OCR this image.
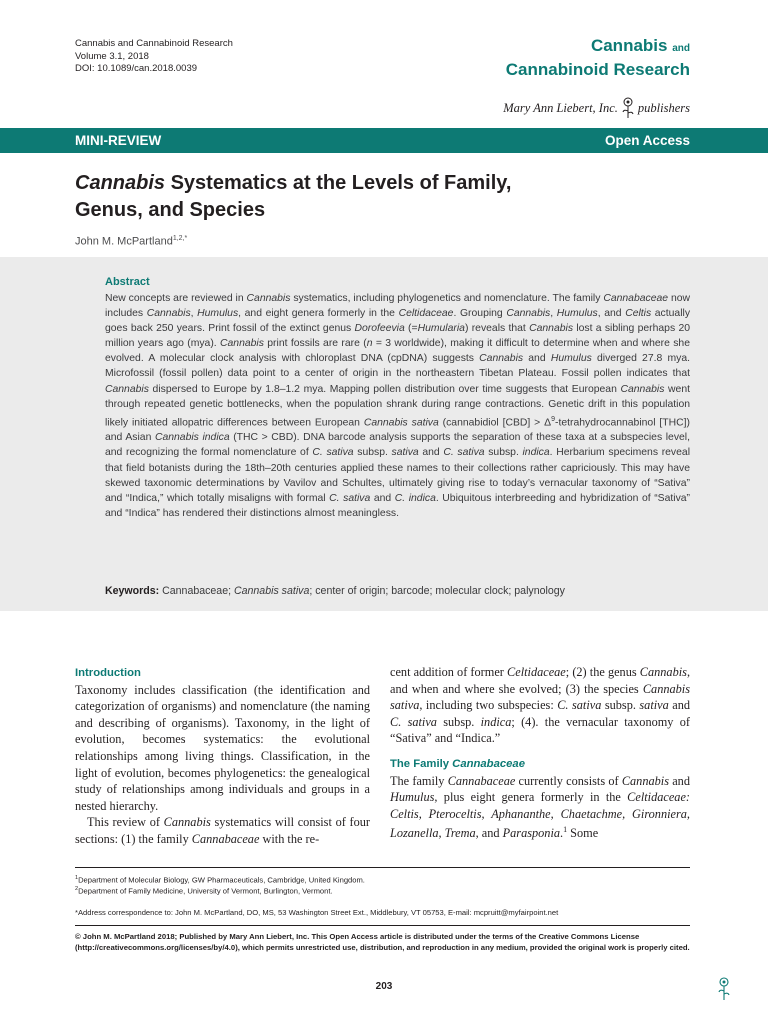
Cannabis and Cannabinoid Research
Volume 3.1, 2018
DOI: 10.1089/can.2018.0039
Cannabis and
Cannabinoid Research
Mary Ann Liebert, Inc. publishers
MINI-REVIEW	Open Access
Cannabis Systematics at the Levels of Family,
Genus, and Species
John M. McPartland$^{1,2,*}$
Abstract
New concepts are reviewed in Cannabis systematics, including phylogenetics and nomenclature. The family Cannabaceae now includes Cannabis, Humulus, and eight genera formerly in the Celtidaceae. Grouping Cannabis, Humulus, and Celtis actually goes back 250 years. Print fossil of the extinct genus Dorofeevia (=Humularia) reveals that Cannabis lost a sibling perhaps 20 million years ago (mya). Cannabis print fossils are rare (n = 3 worldwide), making it difficult to determine when and where she evolved. A molecular clock analysis with chloroplast DNA (cpDNA) suggests Cannabis and Humulus diverged 27.8 mya. Microfossil (fossil pollen) data point to a center of origin in the northeastern Tibetan Plateau. Fossil pollen indicates that Cannabis dispersed to Europe by 1.8–1.2 mya. Mapping pollen distribution over time suggests that European Cannabis went through repeated genetic bottlenecks, when the population shrank during range contractions. Genetic drift in this population likely initiated allopatric differences between European Cannabis sativa (cannabidiol $[CBD] > \Delta^9$-tetrahydrocannabinol [THC]) and Asian Cannabis indica (THC > CBD). DNA barcode analysis supports the separation of these taxa at a subspecies level, and recognizing the formal nomenclature of C. sativa subsp. sativa and C. sativa subsp. indica. Herbarium specimens reveal that field botanists during the 18th–20th centuries applied these names to their collections rather capriciously. This may have skewed taxonomic determinations by Vavilov and Schultes, ultimately giving rise to today’s vernacular taxonomy of “Sativa” and “Indica,” which totally misaligns with formal C. sativa and C. indica. Ubiquitous interbreeding and hybridization of “Sativa” and “Indica” has rendered their distinctions almost meaningless.
Keywords: Cannabaceae; Cannabis sativa; center of origin; barcode; molecular clock; palynology
Introduction

Taxonomy includes classification (the identification and categorization of organisms) and nomenclature (the naming and describing of organisms). Taxonomy, in the light of evolution, becomes systematics: the evolutional relationships among living things. Classification, in the light of evolution, becomes phylogenetics: the genealogical study of relationships among individuals and groups in a nested hierarchy.

This review of Cannabis systematics will consist of four sections: (1) the family Cannabaceae with the re-

cent addition of former Celtidaceae; (2) the genus Cannabis, and when and where she evolved; (3) the species Cannabis sativa, including two subspecies: C. sativa subsp. sativa and C. sativa subsp. indica; (4). the vernacular taxonomy of “Sativa” and “Indica.”

The Family Cannabaceae

The family Cannabaceae currently consists of Cannabis and Humulus, plus eight genera formerly in the Celtidaceae: Celtis, Pteroceltis, Aphananthe, Chaetachme, Gironniera, Lozanella, Trema, and Parasponia.$^1$ Some

$^1$Department of Molecular Biology, GW Pharmaceuticals, Cambridge, United Kingdom.
$^2$Department of Family Medicine, University of Vermont, Burlington, Vermont.
*Address correspondence to: John M. McPartland, DO, MS, 53 Washington Street Ext., Middlebury, VT 05753, E-mail: mcpruitt@myfairpoint.net
© John M. McPartland 2018; Published by Mary Ann Liebert, Inc. This Open Access article is distributed under the terms of the Creative Commons License (http://creativecommons.org/licenses/by/4.0), which permits unrestricted use, distribution, and reproduction in any medium, provided the original work is properly cited.
203
